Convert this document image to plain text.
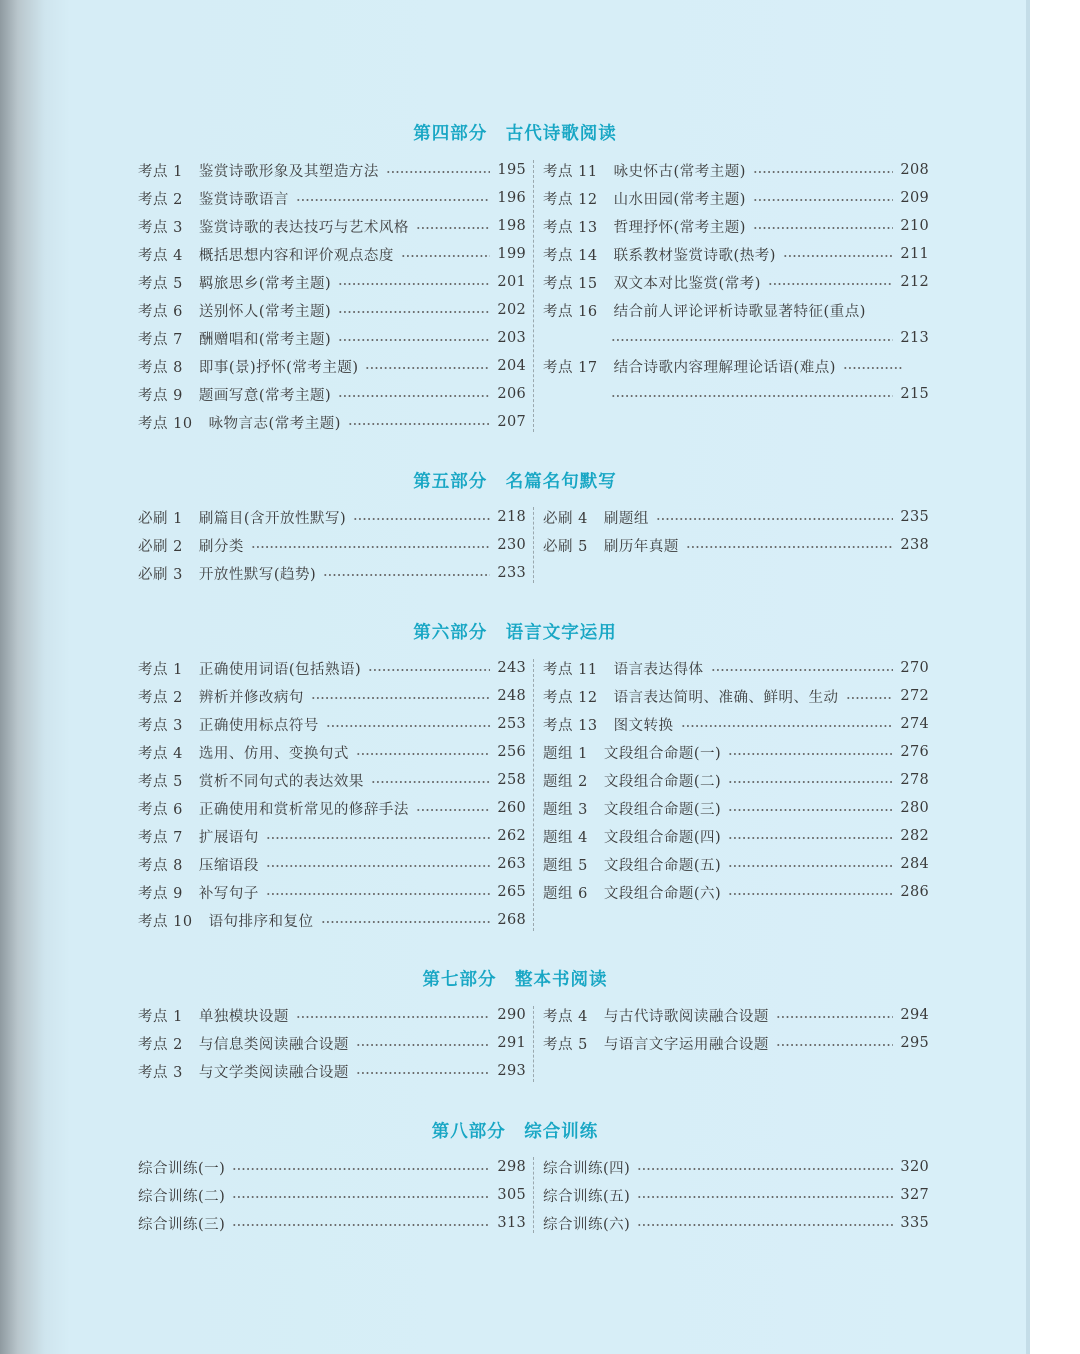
第四部分　古代诗歌阅读
第五部分　名篇名句默写
第六部分　语言文字运用
第七部分　整本书阅读
第八部分　综合训练
考点 1 鉴赏诗歌形象及其塑造方法	195
考点 2 鉴赏诗歌语言	196
考点 3 鉴赏诗歌的表达技巧与艺术风格	198
考点 4 概括思想内容和评价观点态度	199
考点 5 羁旅思乡(常考主题)	201
考点 6 送别怀人(常考主题)	202
考点 7 酬赠唱和(常考主题)	203
考点 8 即事(景)抒怀(常考主题)	204
考点 9 题画写意(常考主题)	206
考点 10 咏物言志(常考主题)	207
考点 11 咏史怀古(常考主题)	208
考点 12 山水田园(常考主题)	209
考点 13 哲理抒怀(常考主题)	210
考点 14 联系教材鉴赏诗歌(热考)	211
考点 15 双文本对比鉴赏(常考)	212
考点 16 结合前人评论评析诗歌显著特征(重点)
213
考点 17 结合诗歌内容理解理论话语(难点)
215
必刷 1 刷篇目(含开放性默写)	218
必刷 2 刷分类	230
必刷 3 开放性默写(趋势)	233
必刷 4 刷题组	235
必刷 5 刷历年真题	238
考点 1 正确使用词语(包括熟语)	243
考点 2 辨析并修改病句	248
考点 3 正确使用标点符号	253
考点 4 选用、仿用、变换句式	256
考点 5 赏析不同句式的表达效果	258
考点 6 正确使用和赏析常见的修辞手法	260
考点 7 扩展语句	262
考点 8 压缩语段	263
考点 9 补写句子	265
考点 10 语句排序和复位	268
考点 11 语言表达得体	270
考点 12 语言表达简明、准确、鲜明、生动	272
考点 13 图文转换	274
题组 1 文段组合命题(一)	276
题组 2 文段组合命题(二)	278
题组 3 文段组合命题(三)	280
题组 4 文段组合命题(四)	282
题组 5 文段组合命题(五)	284
题组 6 文段组合命题(六)	286
考点 1 单独模块设题	290
考点 2 与信息类阅读融合设题	291
考点 3 与文学类阅读融合设题	293
考点 4 与古代诗歌阅读融合设题	294
考点 5 与语言文字运用融合设题	295
综合训练(一)	298
综合训练(二)	305
综合训练(三)	313
综合训练(四)	320
综合训练(五)	327
综合训练(六)	335
